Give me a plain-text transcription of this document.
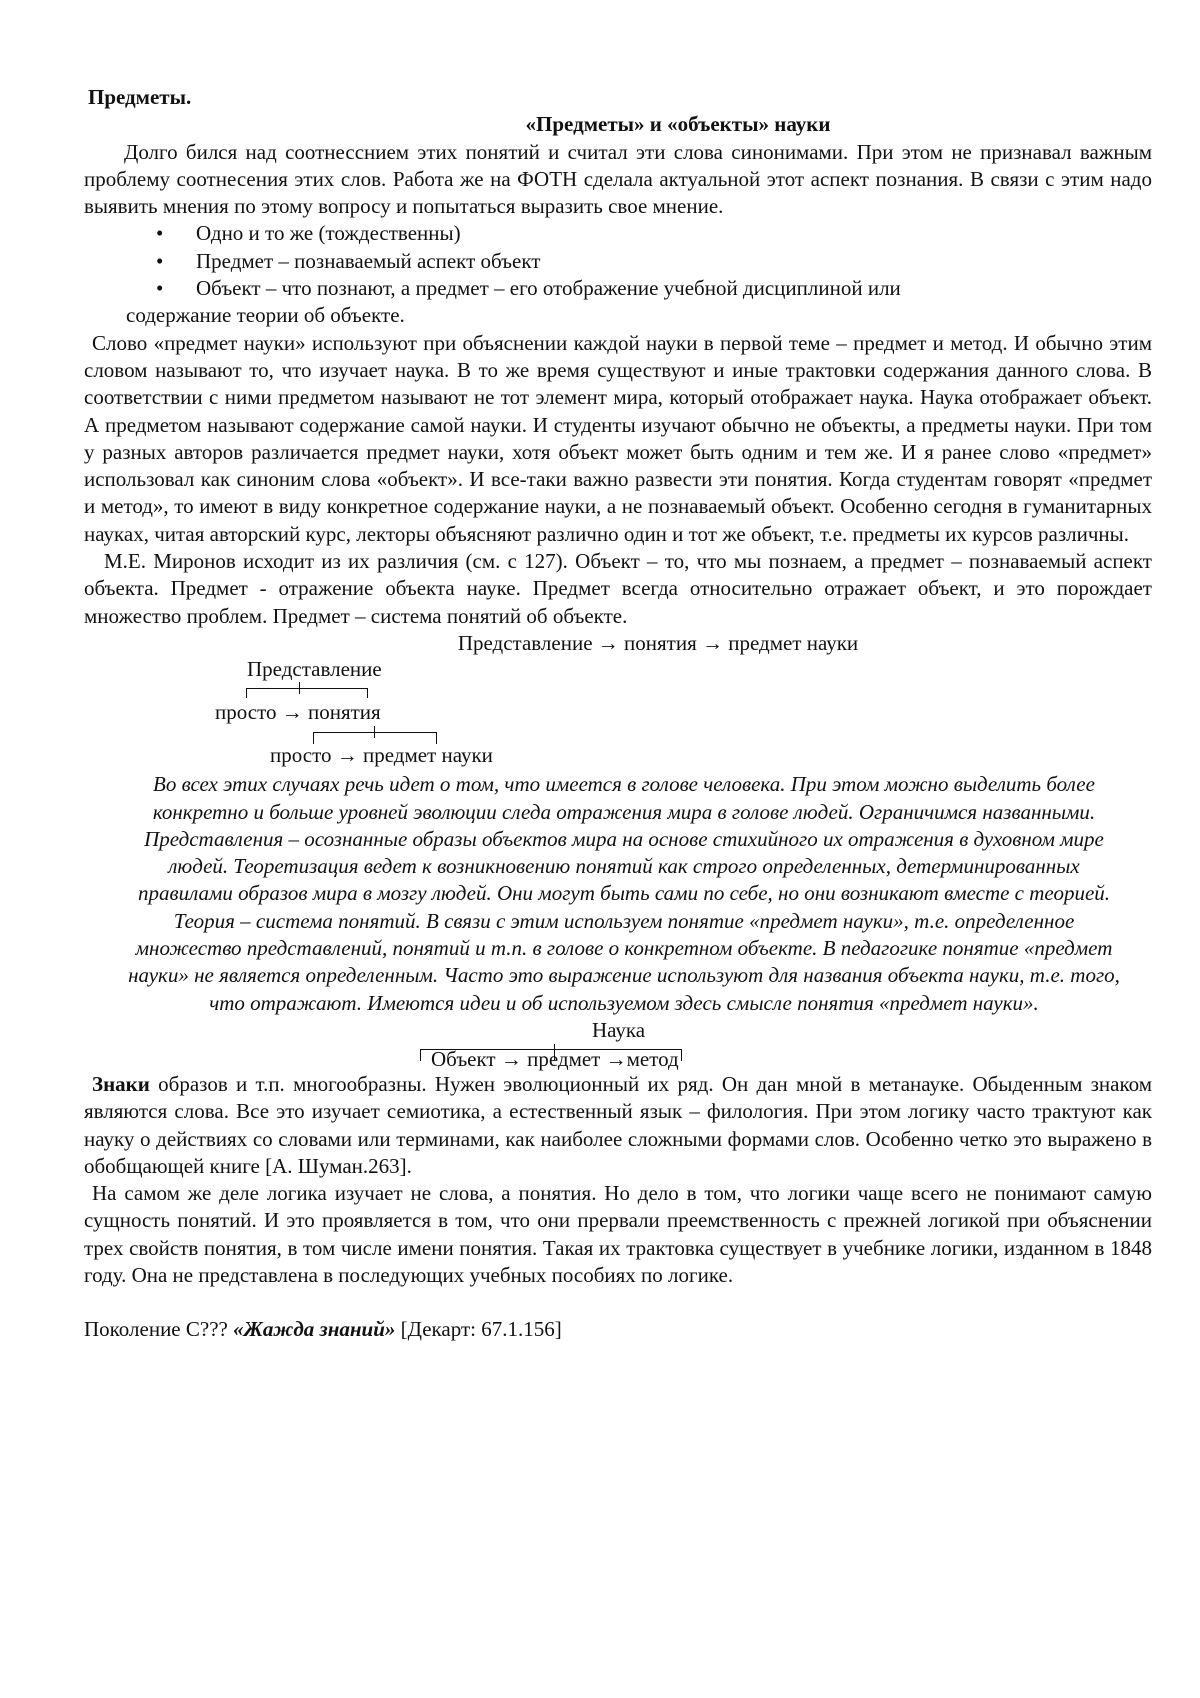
Предметы.

«Предметы» и «объекты» науки

Долго бился над соотнесснием этих понятий и считал эти слова синонимами. При этом не признавал важным проблему соотнесения этих слов. Работа же на ФОТН сделала актуальной этот аспект познания. В связи с этим надо выявить мнения по этому вопросу и попытаться выразить свое мнение.

• Одно и то же (тождественны)
• Предмет – познаваемый аспект объект
• Объект – что познают, а предмет – его отображение учебной дисциплиной или
содержание теории об объекте.

Слово «предмет науки» используют при объяснении каждой науки в первой теме – предмет и метод. И обычно этим словом называют то, что изучает наука. В то же время существуют и иные трактовки содержания данного слова. В соответствии с ними предметом называют не тот элемент мира, который отображает наука. Наука отображает объект. А предметом называют содержание самой науки. И студенты изучают обычно не объекты, а предметы науки. При том у разных авторов различается предмет науки, хотя объект может быть одним и тем же. И я ранее слово «предмет» использовал как синоним слова «объект». И все-таки важно развести эти понятия. Когда студентам говорят «предмет и метод», то имеют в виду конкретное содержание науки, а не познаваемый объект. Особенно сегодня в гуманитарных науках, читая авторский курс, лекторы объясняют различно один и тот же объект, т.е. предметы их курсов различны.

М.Е. Миронов исходит из их различия (см. с 127). Объект – то, что мы познаем, а предмет – познаваемый аспект объекта. Предмет - отражение объекта науке. Предмет всегда относительно отражает объект, и это порождает множество проблем. Предмет – система понятий об объекте.

Представление → понятия → предмет науки

Представление
просто → понятия
просто → предмет науки

Во всех этих случаях речь идет о том, что имеется в голове человека. При этом можно выделить более конкретно и больше уровней эволюции следа отражения мира в голове людей. Ограничимся названными. Представления – осознанные образы объектов мира на основе стихийного их отражения в духовном мире людей. Теоретизация ведет к возникновению понятий как строго определенных, детерминированных правилами образов мира в мозгу людей. Они могут быть сами по себе, но они возникают вместе с теорией. Теория – система понятий. В связи с этим используем понятие «предмет науки», т.е. определенное множество представлений, понятий и т.п. в голове о конкретном объекте. В педагогике понятие «предмет науки» не является определенным. Часто это выражение используют для названия объекта науки, т.е. того, что отражают. Имеются идеи и об используемом здесь смысле понятия «предмет науки».

Наука
Объект → предмет →метод

Знаки образов и т.п. многообразны. Нужен эволюционный их ряд. Он дан мной в метанауке. Обыденным знаком являются слова. Все это изучает семиотика, а естественный язык – филология. При этом логику часто трактуют как науку о действиях со словами или терминами, как наиболее сложными формами слов. Особенно четко это выражено в обобщающей книге [А. Шуман.263].

На самом же деле логика изучает не слова, а понятия. Но дело в том, что логики чаще всего не понимают самую сущность понятий. И это проявляется в том, что они прервали преемственность с прежней логикой при объяснении трех свойств понятия, в том числе имени понятия. Такая их трактовка существует в учебнике логики, изданном в 1848 году. Она не представлена в последующих учебных пособиях по логике.

Поколение С??? «Жажда знаний» [Декарт: 67.1.156]
